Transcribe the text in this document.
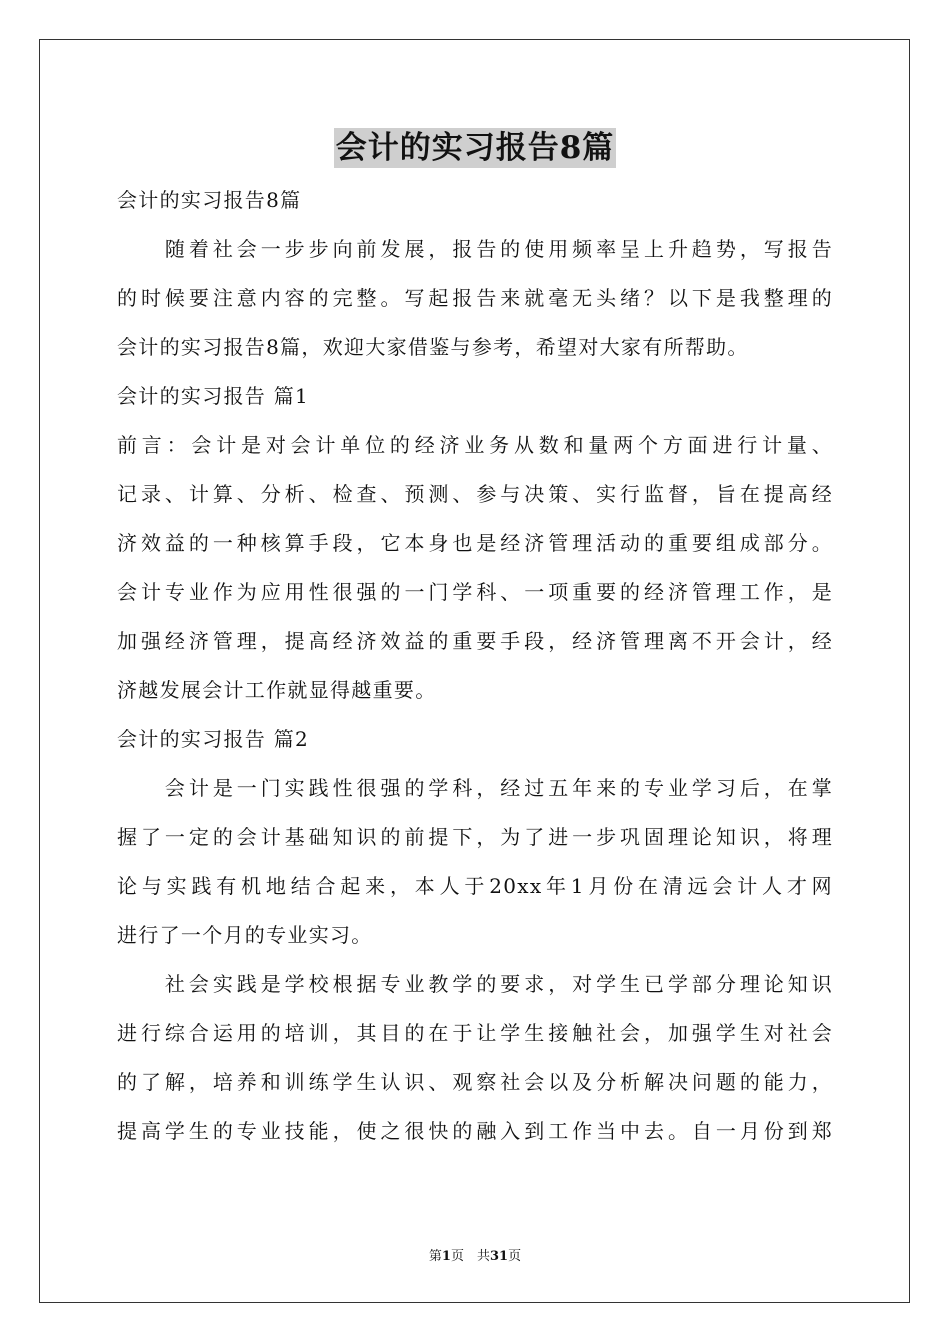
会计的实习报告8篇
会计的实习报告8篇
　　随着社会一步步向前发展，报告的使用频率呈上升趋势，写报告
的时候要注意内容的完整。写起报告来就毫无头绪？以下是我整理的
会计的实习报告8篇，欢迎大家借鉴与参考，希望对大家有所帮助。
会计的实习报告 篇1
前言：会计是对会计单位的经济业务从数和量两个方面进行计量、
记录、计算、分析、检查、预测、参与决策、实行监督，旨在提高经
济效益的一种核算手段，它本身也是经济管理活动的重要组成部分。
会计专业作为应用性很强的一门学科、一项重要的经济管理工作，是
加强经济管理，提高经济效益的重要手段，经济管理离不开会计，经
济越发展会计工作就显得越重要。
会计的实习报告 篇2
　　会计是一门实践性很强的学科，经过五年来的专业学习后，在掌
握了一定的会计基础知识的前提下，为了进一步巩固理论知识，将理
论与实践有机地结合起来，本人于20xx年1月份在清远会计人才网
进行了一个月的专业实习。
　　社会实践是学校根据专业教学的要求，对学生已学部分理论知识
进行综合运用的培训，其目的在于让学生接触社会，加强学生对社会
的了解，培养和训练学生认识、观察社会以及分析解决问题的能力，
提高学生的专业技能，使之很快的融入到工作当中去。自一月份到郑
第1页　共31页
